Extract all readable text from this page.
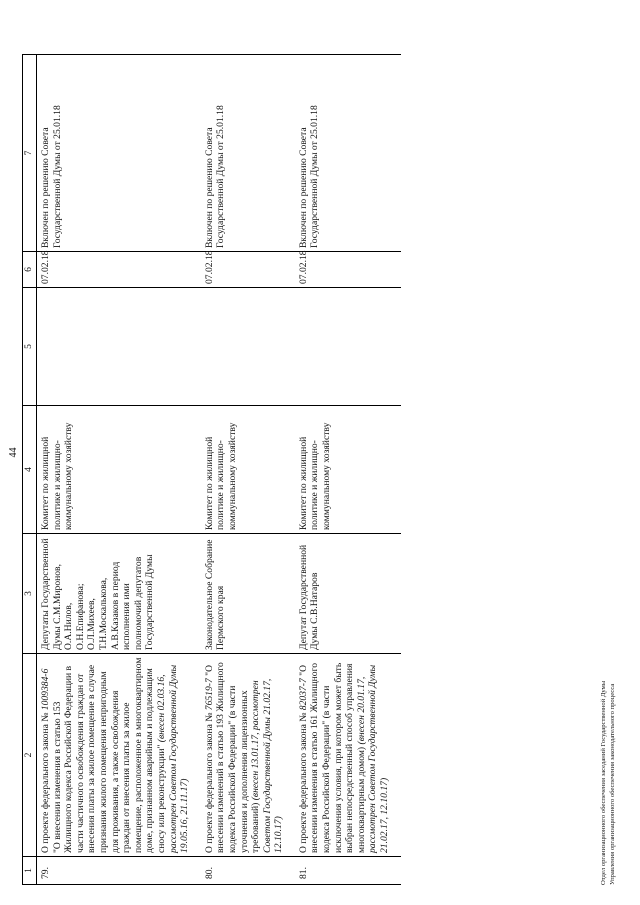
44
1	2	3	4	5	6	7
79.	О проекте федерального закона № 1009384-6 "О внесении изменения в статью 153 Жилищного кодекса Российской Федерации в части частичного освобождения граждан от внесения платы за жилое помещение в случае признания жилого помещения непригодным для проживания, а также освобождения граждан от внесения платы за жилое помещение, расположенное в многоквартирном доме, признанном аварийным и подлежащим сносу или реконструкции" (внесен 02.03.16, рассмотрен Советом Государственной Думы 19.05.16, 21.11.17)	Депутаты Государственной Думы С.М.Миронов, О.А.Нилов, О.Н.Епифанова; О.Л.Михеев, Т.Н.Москалькова, А.В.Казаков в период исполнения ими полномочий депутатов Государственной Думы	Комитет по жилищной политике и жилищно-коммунальному хозяйству		07.02.18	Включен по решению Совета Государственной Думы от 25.01.18
80.	О проекте федерального закона № 76519-7 "О внесении изменений в статью 193 Жилищного кодекса Российской Федерации" (в части уточнения и дополнения лицензионных требований) (внесен 13.01.17, рассмотрен Советом Государственной Думы 21.02.17, 12.10.17)	Законодательное Собрание Пермского края	Комитет по жилищной политике и жилищно-коммунальному хозяйству		07.02.18	Включен по решению Совета Государственной Думы от 25.01.18
81.	О проекте федерального закона № 82037-7 "О внесении изменения в статью 161 Жилищного кодекса Российской Федерации" (в части исключения условия, при котором может быть выбран непосредственный способ управления многоквартирным домом) (внесен 20.01.17, рассмотрен Советом Государственной Думы 21.02.17, 12.10.17)	Депутат Государственной Думы С.В.Натаров	Комитет по жилищной политике и жилищно-коммунальному хозяйству		07.02.18	Включен по решению Совета Государственной Думы от 25.01.18
Отдел организационного обеспечения заседаний Государственной Думы Управления организационного обеспечения законодательного процесса
